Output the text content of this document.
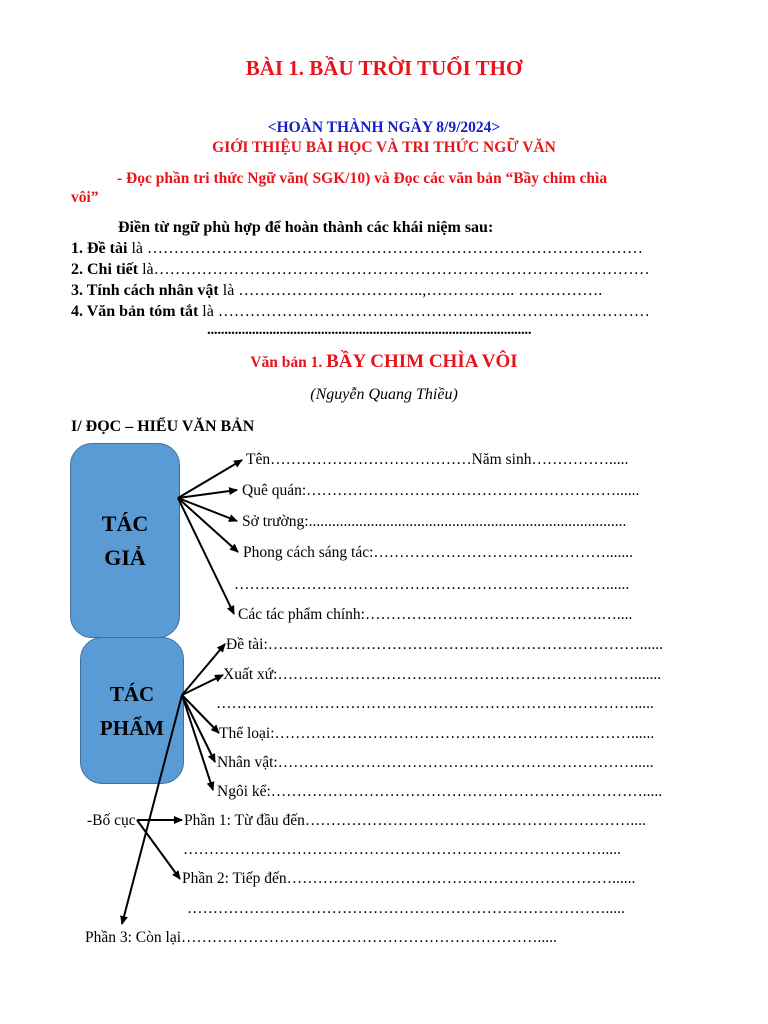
BÀI 1. BẦU TRỜI TUỔI THƠ
<HOÀN THÀNH NGÀY 8/9/2024>
GIỚI THIỆU BÀI HỌC VÀ TRI THỨC NGỮ VĂN
- Đọc phần tri thức Ngữ văn( SGK/10) và Đọc các văn bản “Bầy chim chìa
vôi”
Điền từ ngữ phù hợp để hoàn thành các khái niệm sau:
1. Đề tài là …………………………………………………………………………………
2. Chi tiết là…………………………………………………………………………………
3. Tính cách nhân vật là ……………………………..,…………….. …………….
4. Văn bản tóm tắt là ………………………………………………………………………
..............................................................................................
Văn bản 1. BẦY CHIM CHÌA VÔI
(Nguyễn Quang Thiều)
I/ ĐỌC – HIỂU VĂN BẢN
TÁC
GIẢ
TÁC
PHẨM
Tên…………………………………Năm sinh…………….....
Quê quán:……………………………………………………......
Sở trường:..................................................................................
Phong cách sáng tác:……………………………………….......
………………………………………………………………......
Các tác phẩm chính:……………………………………….…....
Đề tài:………………………………………………………………......
Xuất xứ:…………………………………………………………….......
……………………………………………………………………….....
Thể loại:……………………………………………………………......
Nhân vật:…………………………………………………………….....
Ngôi kể:……………………………………………………………….....
-Bố cục	Phần 1: Từ đầu đến………………………………………………………....
……………………………………………………………………….....
Phần 2: Tiếp đến………………………………………………………......
……………………………………………………………………….....
Phần 3: Còn lại…………………………………………………………….....
